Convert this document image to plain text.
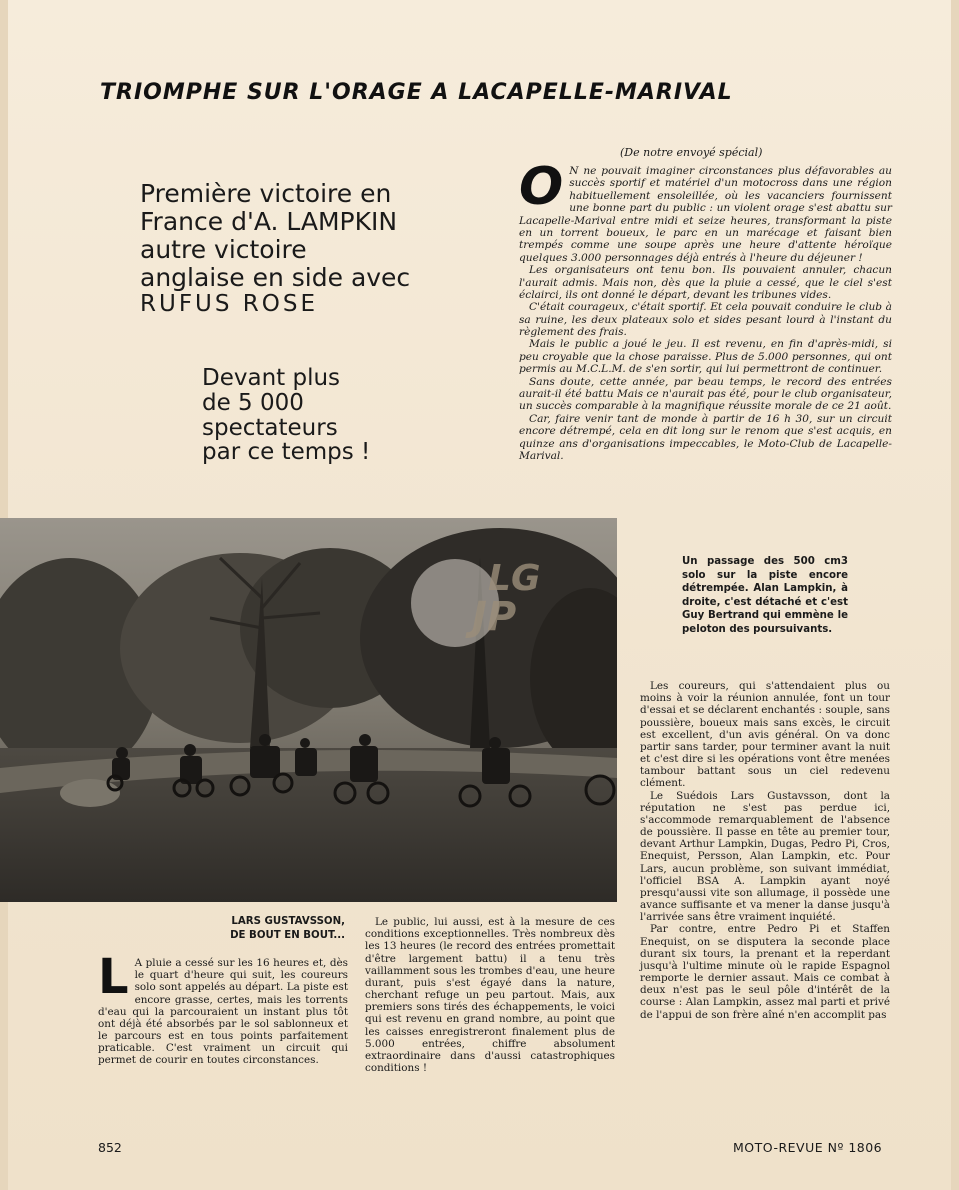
TRIOMPHE SUR L'ORAGE A LACAPELLE-MARIVAL
Première victoire en
France d'A. LAMPKIN
autre victoire
anglaise en side avec
RUFUS ROSE
Devant plus
de 5 000
spectateurs
par ce temps !
(De notre envoyé spécial)

O N ne pouvait imaginer circonstances plus défavorables au succès sportif et matériel d'un motocross dans une région habituellement ensoleillée, où les vacanciers fournissent une bonne part du public : un violent orage s'est abattu sur Lacapelle-Marival entre midi et seize heures, transformant la piste en un torrent boueux, le parc en un marécage et faisant bien trempés comme une soupe après une heure d'attente héroïque quelques 3.000 personnages déjà entrés à l'heure du déjeuner !

Les organisateurs ont tenu bon. Ils pouvaient annuler, chacun l'aurait admis. Mais non, dès que la pluie a cessé, que le ciel s'est éclairci, ils ont donné le départ, devant les tribunes vides.

C'était courageux, c'était sportif. Et cela pouvait conduire le club à sa ruine, les deux plateaux solo et sides pesant lourd à l'instant du règlement des frais.

Mais le public a joué le jeu. Il est revenu, en fin d'après-midi, si peu croyable que la chose paraisse. Plus de 5.000 personnes, qui ont permis au M.C.L.M. de s'en sortir, qui lui permettront de continuer.

Sans doute, cette année, par beau temps, le record des entrées aurait-il été battu Mais ce n'aurait pas été, pour le club organisateur, un succès comparable à la magnifique réussite morale de ce 21 août.

Car, faire venir tant de monde à partir de 16 h 30, sur un circuit encore détrempé, cela en dit long sur le renom que s'est acquis, en quinze ans d'organisations impeccables, le Moto-Club de Lacapelle-Marival.

LG
JP
Un passage des 500 cm3 solo sur la piste encore détrempée. Alan Lampkin, à droite, c'est détaché et c'est Guy Bertrand qui emmène le peloton des poursuivants.
LARS GUSTAVSSON,
DE BOUT EN BOUT...

L A pluie a cessé sur les 16 heures et, dès le quart d'heure qui suit, les coureurs solo sont appelés au départ. La piste est encore grasse, certes, mais les torrents d'eau qui la parcouraient un instant plus tôt ont déjà été absorbés par le sol sablonneux et le parcours est en tous points parfaitement praticable. C'est vraiment un circuit qui permet de courir en toutes circonstances.

Le public, lui aussi, est à la mesure de ces conditions exceptionnelles. Très nombreux dès les 13 heures (le record des entrées promettait d'être largement battu) il a tenu très vaillamment sous les trombes d'eau, une heure durant, puis s'est égayé dans la nature, cherchant refuge un peu partout. Mais, aux premiers sons tirés des échappements, le voici qui est revenu en grand nombre, au point que les caisses enregistreront finalement plus de 5.000 entrées, chiffre absolument extraordinaire dans d'aussi catastrophiques conditions !

Les coureurs, qui s'attendaient plus ou moins à voir la réunion annulée, font un tour d'essai et se déclarent enchantés : souple, sans poussière, boueux mais sans excès, le circuit est excellent, d'un avis général. On va donc partir sans tarder, pour terminer avant la nuit et c'est dire si les opérations vont être menées tambour battant sous un ciel redevenu clément.

Le Suédois Lars Gustavsson, dont la réputation ne s'est pas perdue ici, s'accommode remarquablement de l'absence de poussière. Il passe en tête au premier tour, devant Arthur Lampkin, Dugas, Pedro Pi, Cros, Enequist, Persson, Alan Lampkin, etc. Pour Lars, aucun problème, son suivant immédiat, l'officiel BSA A. Lampkin ayant noyé presqu'aussi vite son allumage, il possède une avance suffisante et va mener la danse jusqu'à l'arrivée sans être vraiment inquiété.

Par contre, entre Pedro Pi et Staffen Enequist, on se disputera la seconde place durant six tours, la prenant et la reperdant jusqu'à l'ultime minute où le rapide Espagnol remporte le dernier assaut. Mais ce combat à deux n'est pas le seul pôle d'intérêt de la course : Alan Lampkin, assez mal parti et privé de l'appui de son frère aîné n'en accomplit pas

852	MOTO-REVUE Nº 1806
